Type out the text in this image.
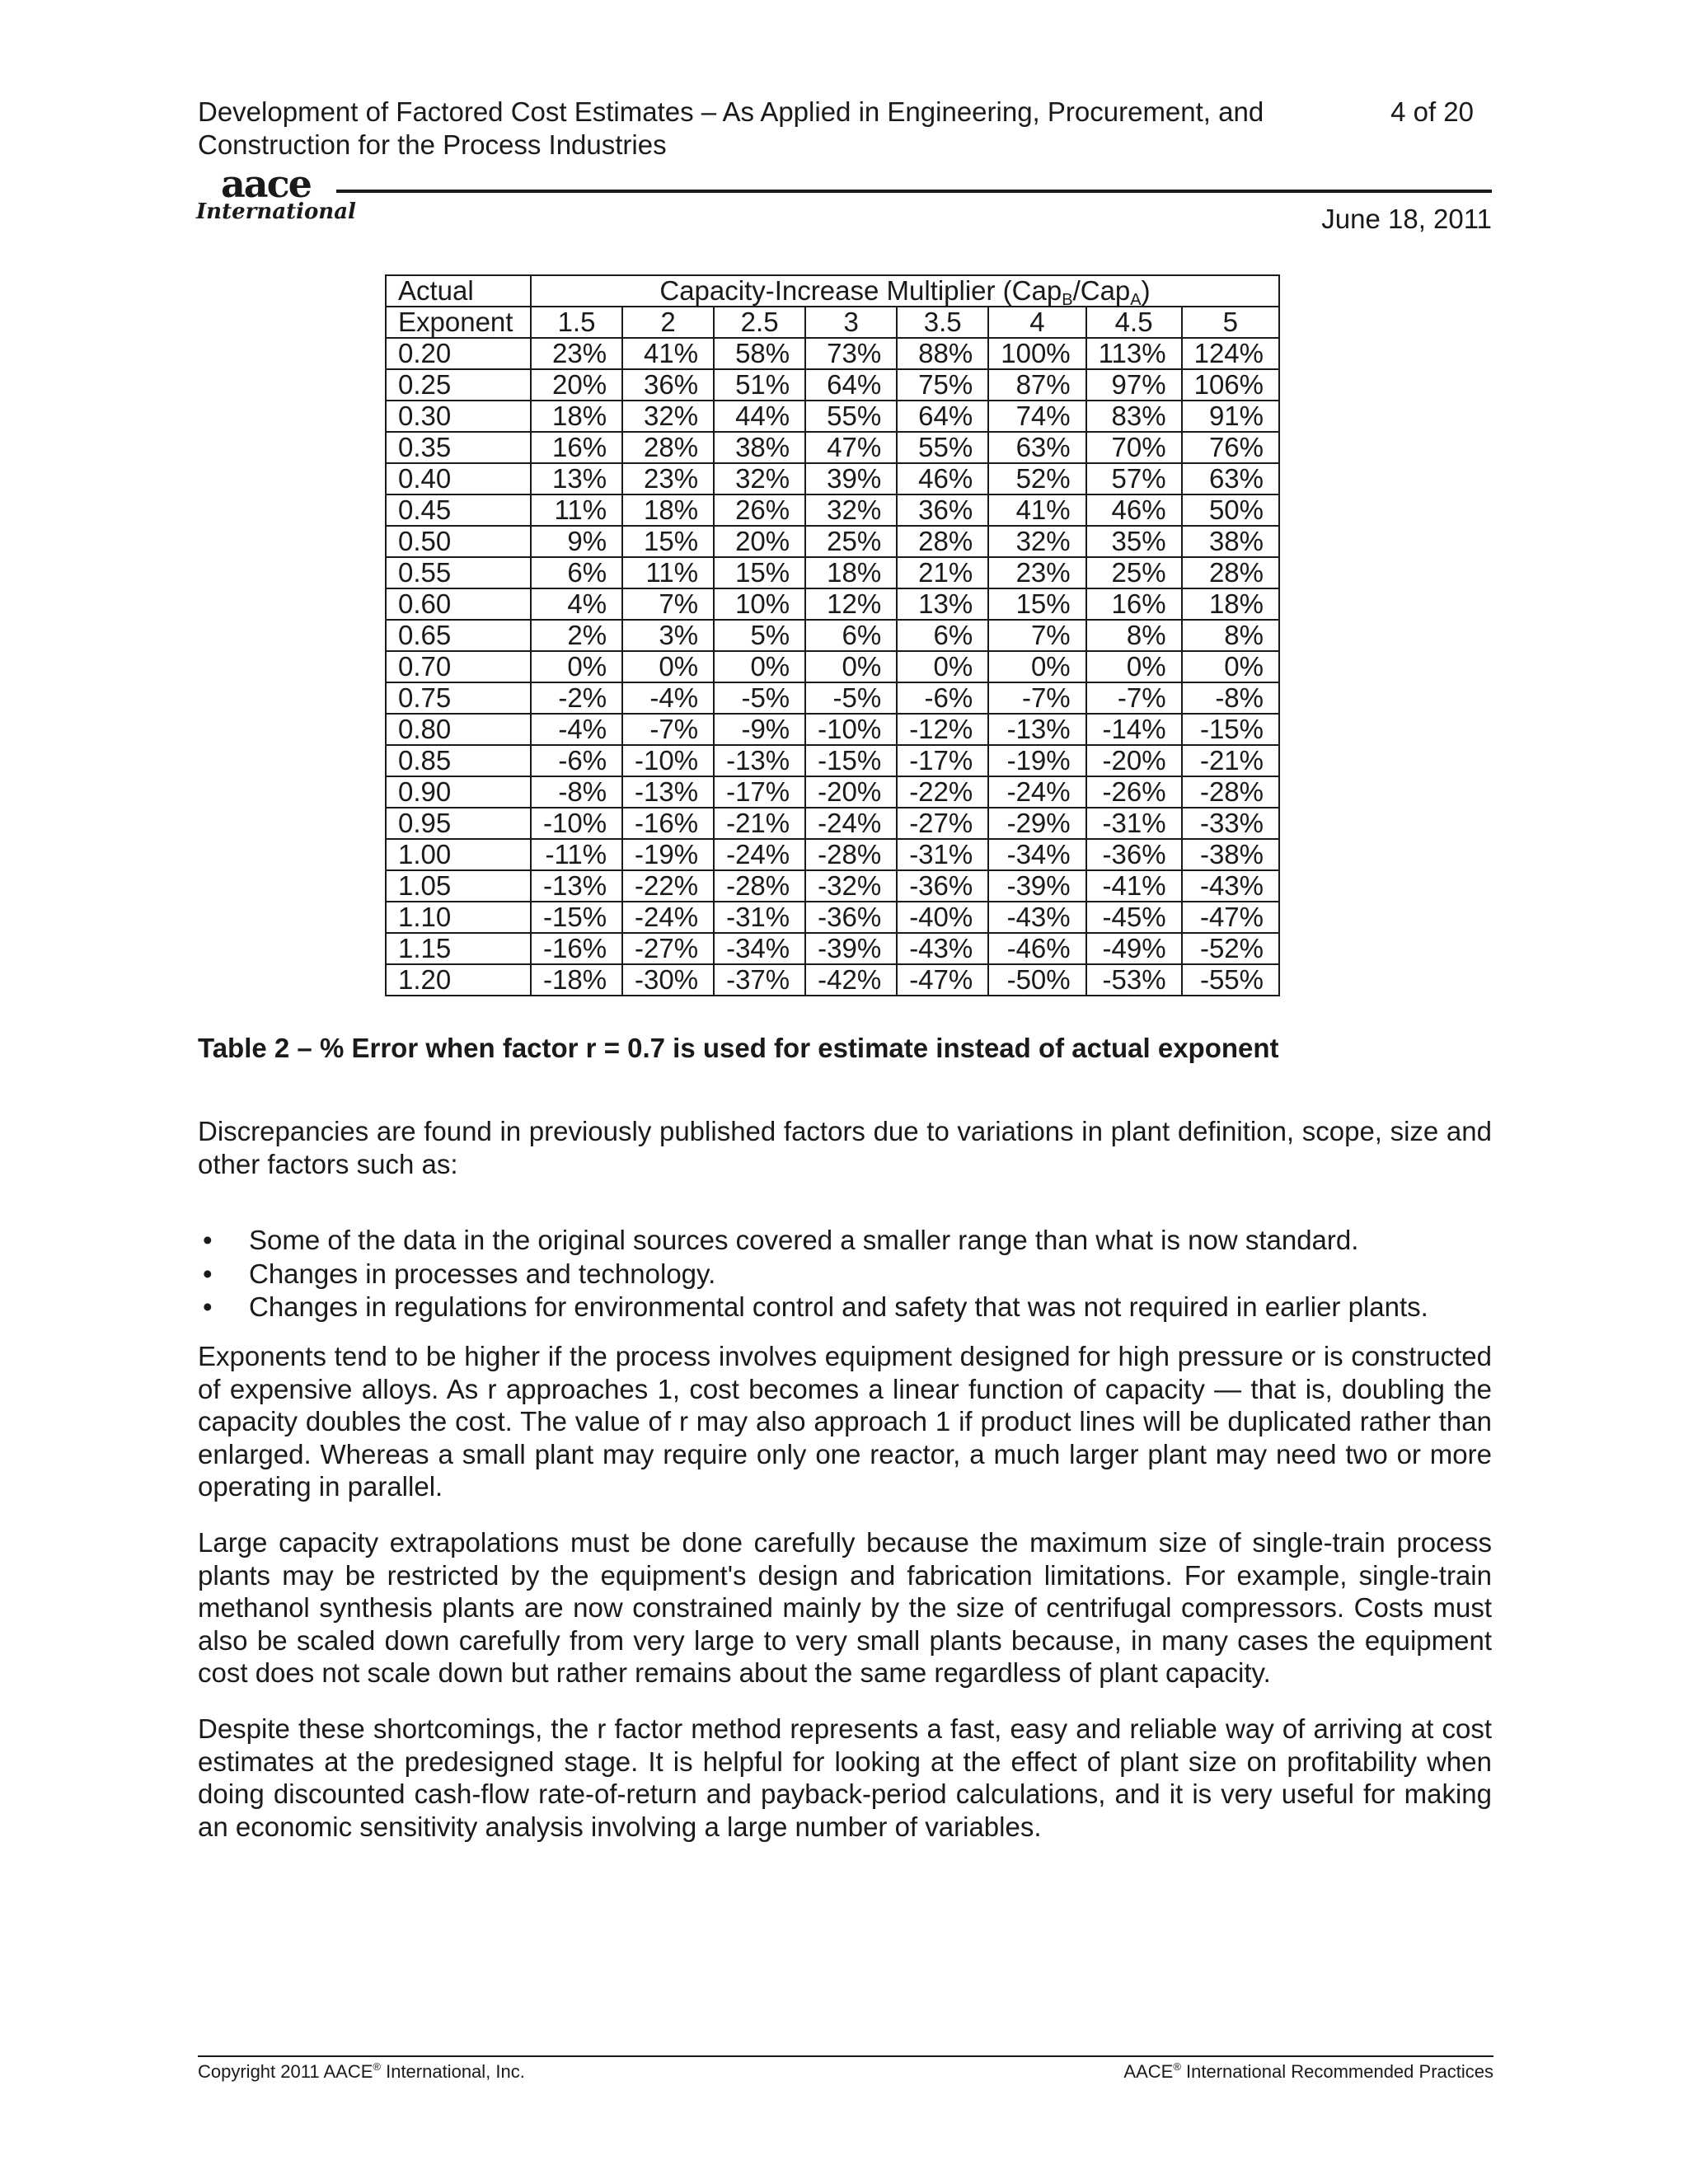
Development of Factored Cost Estimates – As Applied in Engineering, Procurement, and
Construction for the Process Industries
4 of 20
aace
International	June 18, 2011
Actual	Capacity-Increase Multiplier (Cap$_B$/Cap$_A$)							
Exponent	1.5	2	2.5	3	3.5	4	4.5	5
0.20	23%	41%	58%	73%	88%	100%	113%	124%
0.25	20%	36%	51%	64%	75%	87%	97%	106%
0.30	18%	32%	44%	55%	64%	74%	83%	91%
0.35	16%	28%	38%	47%	55%	63%	70%	76%
0.40	13%	23%	32%	39%	46%	52%	57%	63%
0.45	11%	18%	26%	32%	36%	41%	46%	50%
0.50	9%	15%	20%	25%	28%	32%	35%	38%
0.55	6%	11%	15%	18%	21%	23%	25%	28%
0.60	4%	7%	10%	12%	13%	15%	16%	18%
0.65	2%	3%	5%	6%	6%	7%	8%	8%
0.70	0%	0%	0%	0%	0%	0%	0%	0%
0.75	-2%	-4%	-5%	-5%	-6%	-7%	-7%	-8%
0.80	-4%	-7%	-9%	-10%	-12%	-13%	-14%	-15%
0.85	-6%	-10%	-13%	-15%	-17%	-19%	-20%	-21%
0.90	-8%	-13%	-17%	-20%	-22%	-24%	-26%	-28%
0.95	-10%	-16%	-21%	-24%	-27%	-29%	-31%	-33%
1.00	-11%	-19%	-24%	-28%	-31%	-34%	-36%	-38%
1.05	-13%	-22%	-28%	-32%	-36%	-39%	-41%	-43%
1.10	-15%	-24%	-31%	-36%	-40%	-43%	-45%	-47%
1.15	-16%	-27%	-34%	-39%	-43%	-46%	-49%	-52%
1.20	-18%	-30%	-37%	-42%	-47%	-50%	-53%	-55%
Table 2 – % Error when factor r = 0.7 is used for estimate instead of actual exponent

Discrepancies are found in previously published factors due to variations in plant definition, scope, size and other factors such as:

• Some of the data in the original sources covered a smaller range than what is now standard.
• Changes in processes and technology.
• Changes in regulations for environmental control and safety that was not required in earlier plants.

Exponents tend to be higher if the process involves equipment designed for high pressure or is constructed of expensive alloys. As r approaches 1, cost becomes a linear function of capacity — that is, doubling the capacity doubles the cost. The value of r may also approach 1 if product lines will be duplicated rather than enlarged. Whereas a small plant may require only one reactor, a much larger plant may need two or more operating in parallel.

Large capacity extrapolations must be done carefully because the maximum size of single-train process plants may be restricted by the equipment's design and fabrication limitations. For example, single-train methanol synthesis plants are now constrained mainly by the size of centrifugal compressors. Costs must also be scaled down carefully from very large to very small plants because, in many cases the equipment cost does not scale down but rather remains about the same regardless of plant capacity.

Despite these shortcomings, the r factor method represents a fast, easy and reliable way of arriving at cost estimates at the predesigned stage. It is helpful for looking at the effect of plant size on profitability when doing discounted cash-flow rate-of-return and payback-period calculations, and it is very useful for making an economic sensitivity analysis involving a large number of variables.

Copyright 2011 AACE® International, Inc.	AACE® International Recommended Practices
